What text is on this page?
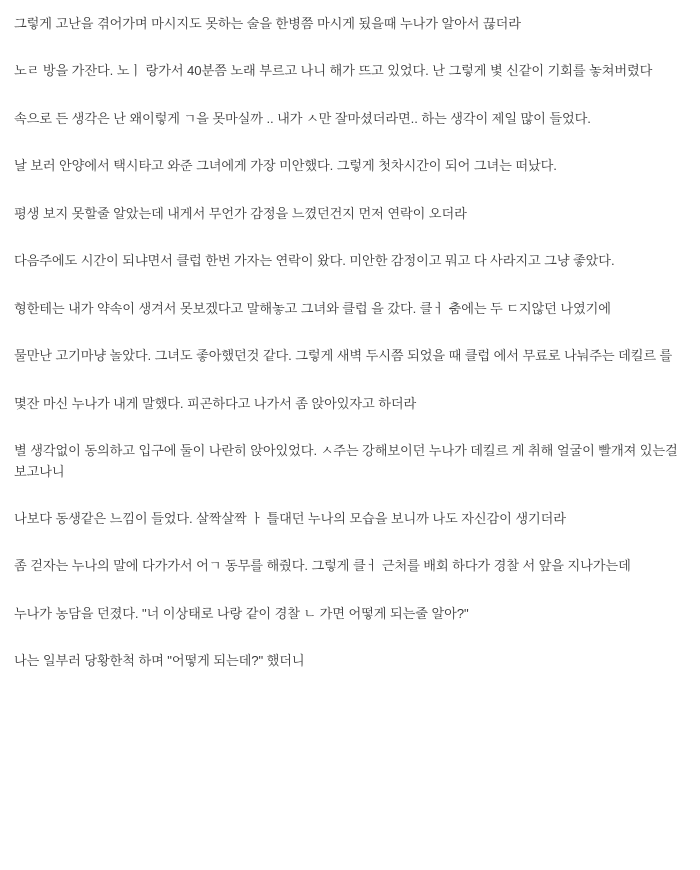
그렇게 고난을 겪어가며 마시지도 못하는 술을 한병쯤 마시게 됬을때 누나가 알아서 끊더라

노ㄹ 방을 가잔다. 노ㅣ 랑가서 40분쯤 노래 부르고 나니 해가 뜨고 있었다. 난 그렇게 볓 신같이 기회를 놓쳐버렸다

속으로 든 생각은 난 왜이렇게 ㄱ을 못마실까 .. 내가 ㅅ만 잘마셨더라면.. 하는 생각이 제일 많이 들었다.

날 보러 안양에서 택시타고 와준 그녀에게 가장 미안했다. 그렇게 첫차시간이 되어 그녀는 떠났다.

평생 보지 못할줄 알았는데 내게서 무언가 감정을 느꼈던건지 먼저 연락이 오더라

다음주에도 시간이 되냐면서 클럽 한번 가자는 연락이 왔다. 미안한 감정이고 뭐고 다 사라지고 그냥 좋았다.

형한테는 내가 약속이 생겨서 못보겠다고 말해놓고 그녀와 클럽 을 갔다. 클ㅓ 춤에는 두 ㄷ지않던 나였기에

물만난 고기마냥 놀았다. 그녀도 좋아했던것 같다. 그렇게 새벽 두시쯤 되었을 때 클럽 에서 무료로 나눠주는 데킬르 를

몇잔 마신 누나가 내게 말했다. 피곤하다고 나가서 좀 앉아있자고 하더라

별 생각없이 동의하고 입구에 둘이 나란히 앉아있었다. ㅅ주는 강해보이던 누나가 데킬르 게 취해 얼굴이 빨개져 있는걸 보고나니

나보다 동생같은 느낌이 들었다. 살짝살짝 ㅏ 틀대던 누나의 모습을 보니까 나도 자신감이 생기더라

좀 걷자는 누나의 말에 다가가서 어ㄱ 동무를 해줬다. 그렇게 클ㅓ 근처를 배회 하다가 경찰 서 앞을 지나가는데

누나가 농담을 던졌다. "너 이상태로 나랑 같이 경찰 ㄴ 가면 어떻게 되는줄 알아?"

나는 일부러 당황한척 하며 "어떻게 되는데?" 했더니
